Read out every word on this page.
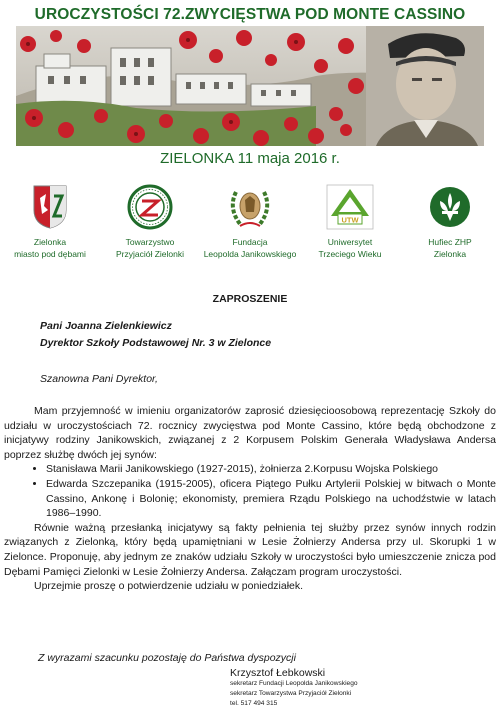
UROCZYSTOŚCI 72.ZWYCIĘSTWA POD MONTE CASSINO
ZIELONKA 11 maja 2016 r.
Zielonka
miasto pod dębami
Towarzystwo
Przyjaciół Zielonki
Fundacja
Leopolda Janikowskiego
UTW
Uniwersytet
Trzeciego Wieku
Hufiec ZHP
Zielonka
ZAPROSZENIE
Pani Joanna Zielenkiewicz
Dyrektor Szkoły Podstawowej Nr. 3 w Zielonce
Szanowna Pani Dyrektor,

Mam przyjemność w imieniu organizatorów zaprosić dziesięcioosobową reprezentację Szkoły do udziału w uroczystościach 72. rocznicy zwycięstwa pod Monte Cassino, które będą obchodzone z inicjatywy rodziny Janikowskich, związanej z 2 Korpusem Polskim Generała Władysława Andersa poprzez służbę dwóch jej synów:

• Stanisława Marii Janikowskiego (1927-2015), żołnierza 2.Korpusu Wojska Polskiego
• Edwarda Szczepanika (1915-2005), oficera Piątego Pułku Artylerii Polskiej w bitwach o Monte Cassino, Ankonę i Bolonię; ekonomisty, premiera Rządu Polskiego na uchodźstwie w latach 1986–1990.

Równie ważną przesłanką inicjatywy są fakty pełnienia tej służby przez synów innych rodzin związanych z Zielonką, który będą upamiętniani w Lesie Żołnierzy Andersa przy ul. Skorupki 1 w Zielonce. Proponuję, aby jednym ze znaków udziału Szkoły w uroczystości było umieszczenie znicza pod Dębami Pamięci Zielonki w Lesie Żołnierzy Andersa. Załączam program uroczystości.

Uprzejmie proszę o potwierdzenie udziału w poniedziałek.

Z wyrazami szacunku pozostaję do Państwa dyspozycji
Krzysztof Łebkowski
sekretarz Fundacji Leopolda Janikowskiego
sekretarz Towarzystwa Przyjaciół Zielonki
tel. 517 494 315
